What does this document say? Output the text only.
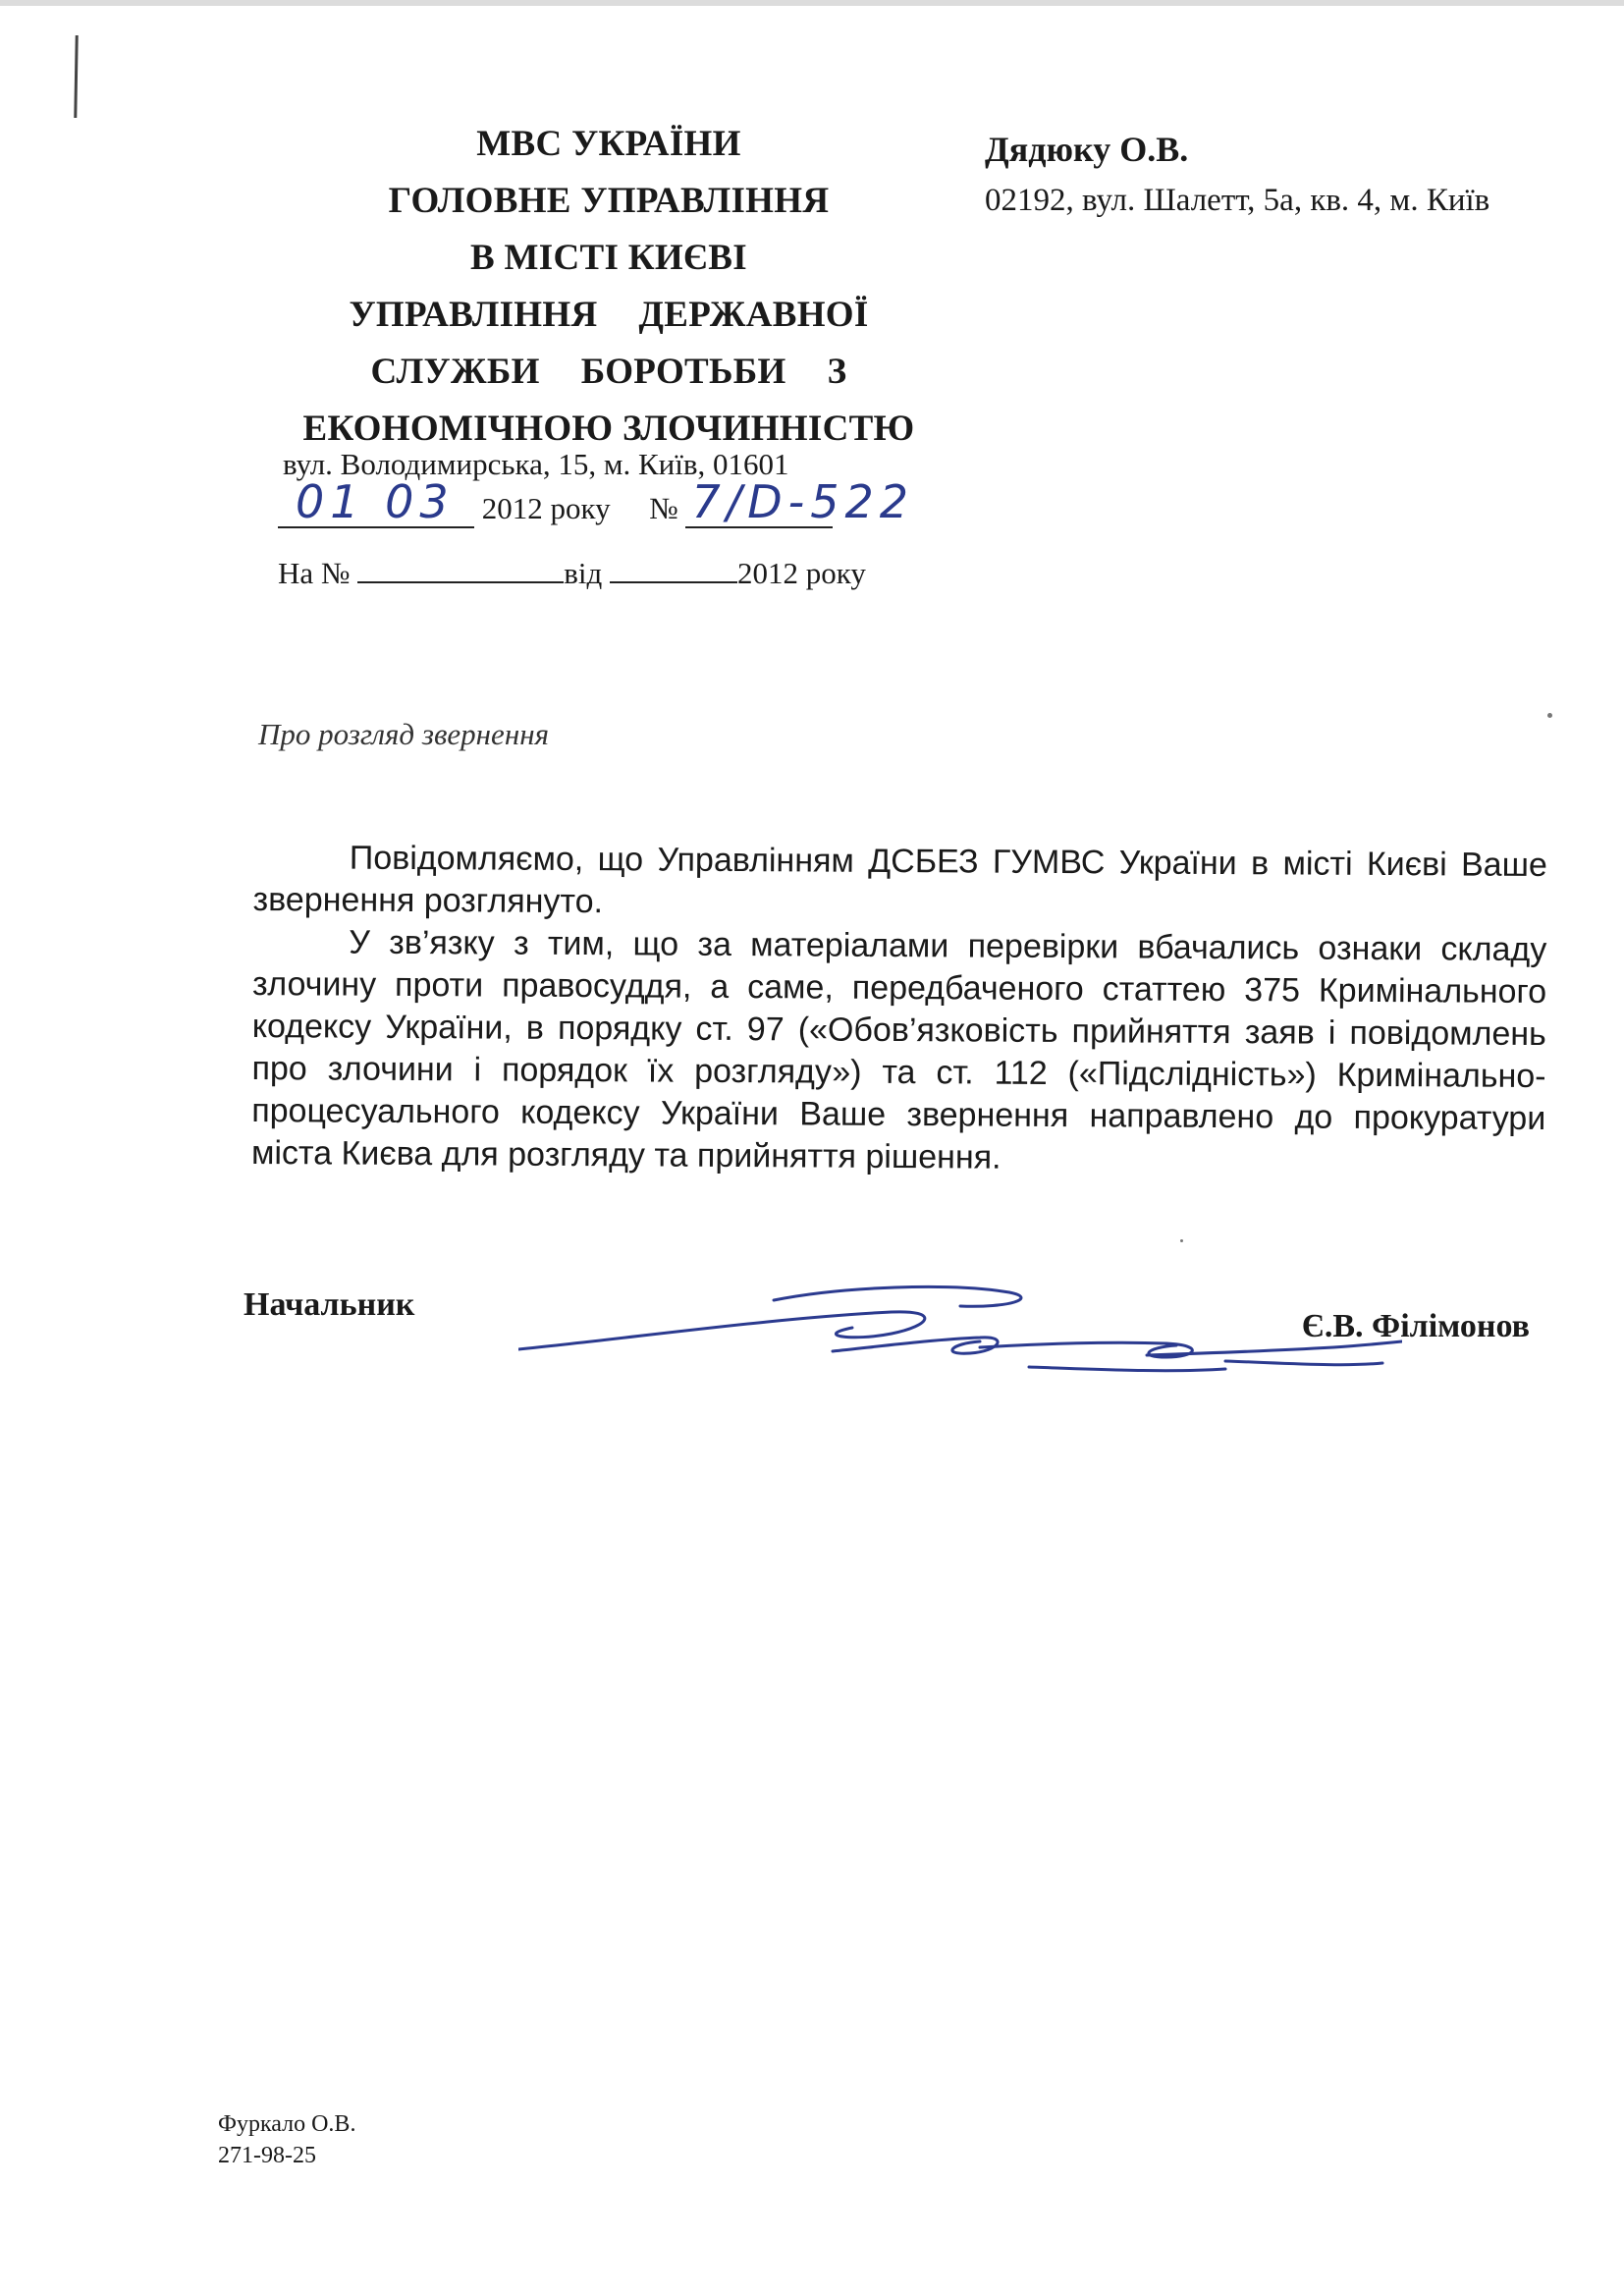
МВС УКРАЇНИ
ГОЛОВНЕ УПРАВЛІННЯ
В МІСТІ КИЄВІ
УПРАВЛІННЯ ДЕРЖАВНОЇ
СЛУЖБИ БОРОТЬБИ З
ЕКОНОМІЧНОЮ ЗЛОЧИННІСТЮ
вул. Володимирська, 15, м. Київ, 01601
01 03 2012 року № 7/D-522

На №	від	2012 року
Дядюку О.В.
02192, вул. Шалетт, 5а, кв. 4, м. Київ
Про розгляд звернення

Повідомляємо, що Управлінням ДСБЕЗ ГУМВС України в місті Києві Ваше звернення розглянуто.

У зв’язку з тим, що за матеріалами перевірки вбачались ознаки складу злочину проти правосуддя, а саме, передбаченого статтею 375 Кримінального кодексу України, в порядку ст. 97 («Обов’язковість прийняття заяв і повідомлень про злочини і порядок їх розгляду») та ст. 112 («Підслідність») Кримінально-процесуального кодексу України Ваше звернення направлено до прокуратури міста Києва для розгляду та прийняття рішення.

Начальник
Є.В. Філімонов
Фуркало О.В.
271-98-25
